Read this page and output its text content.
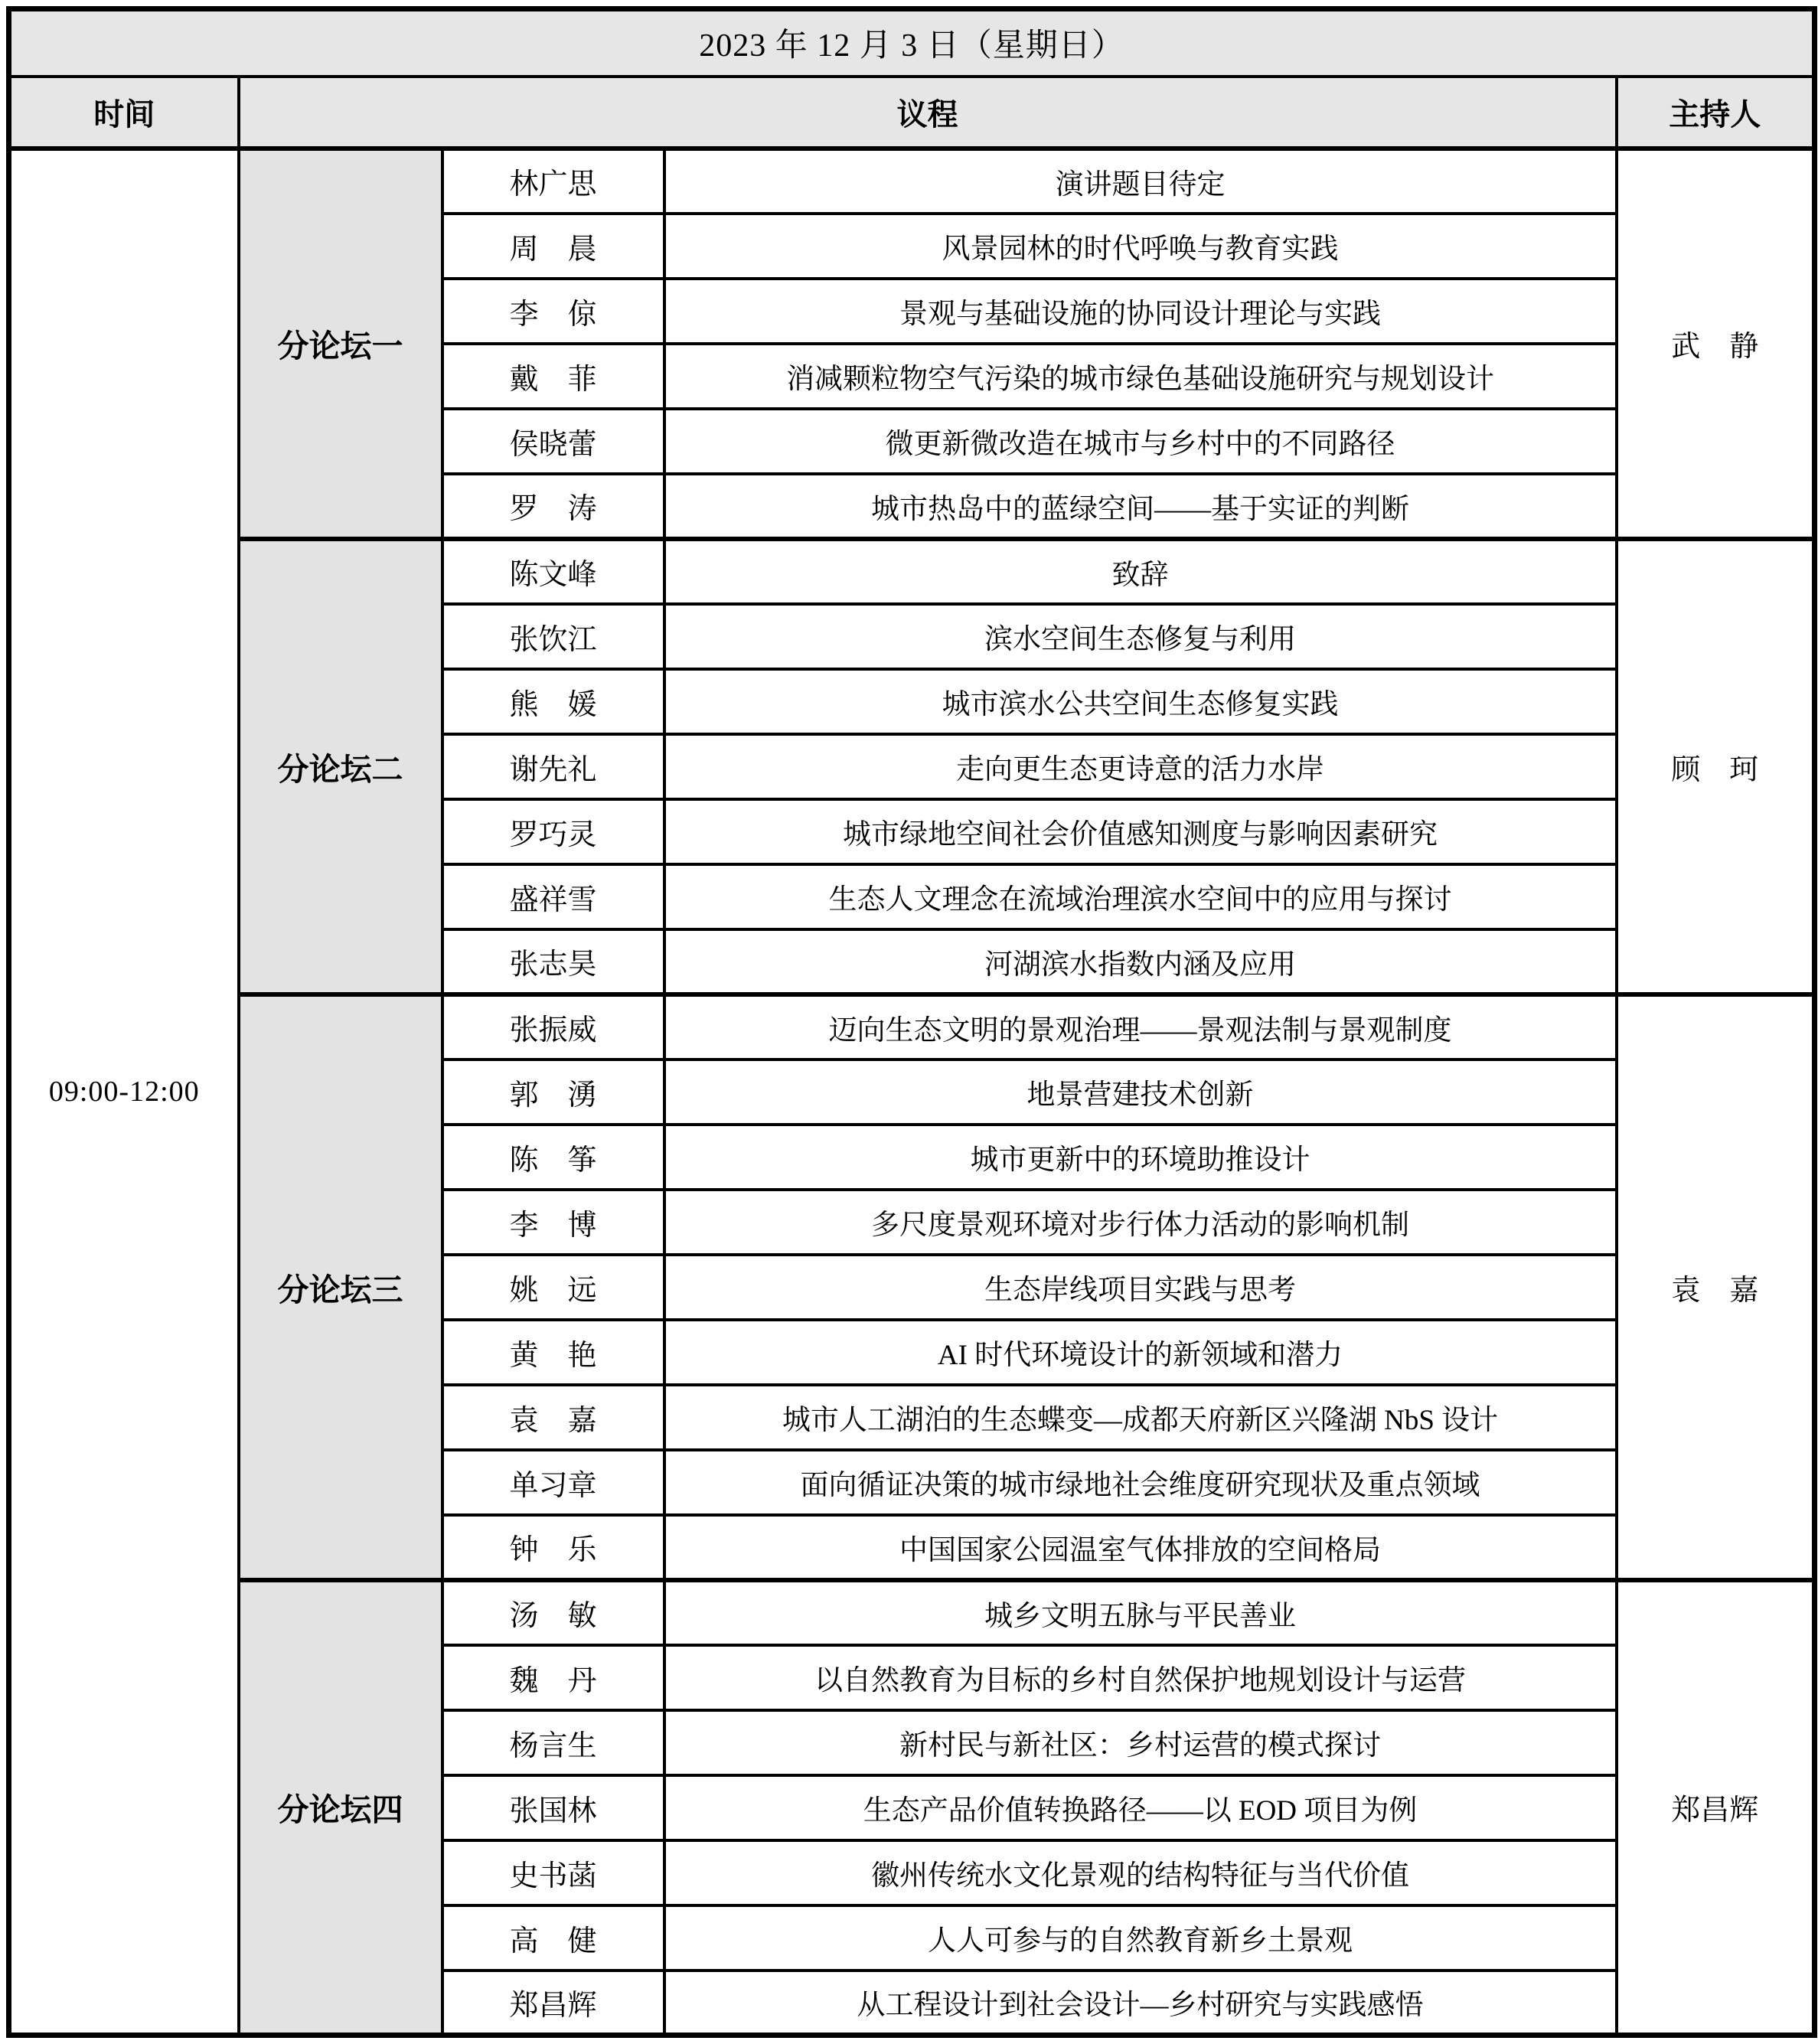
2023 年 12 月 3 日（星期日）				
时间	议程			主持人
09:00-12:00	分论坛一	林广思	演讲题目待定	武　静
		周　晨	风景园林的时代呼唤与教育实践	
		李　倞	景观与基础设施的协同设计理论与实践	
		戴　菲	消减颗粒物空气污染的城市绿色基础设施研究与规划设计	
		侯晓蕾	微更新微改造在城市与乡村中的不同路径	
		罗　涛	城市热岛中的蓝绿空间——基于实证的判断	
	分论坛二	陈文峰	致辞	顾　珂
		张饮江	滨水空间生态修复与利用	
		熊　媛	城市滨水公共空间生态修复实践	
		谢先礼	走向更生态更诗意的活力水岸	
		罗巧灵	城市绿地空间社会价值感知测度与影响因素研究	
		盛祥雪	生态人文理念在流域治理滨水空间中的应用与探讨	
		张志昊	河湖滨水指数内涵及应用	
	分论坛三	张振威	迈向生态文明的景观治理——景观法制与景观制度	袁　嘉
		郭　湧	地景营建技术创新	
		陈　筝	城市更新中的环境助推设计	
		李　博	多尺度景观环境对步行体力活动的影响机制	
		姚　远	生态岸线项目实践与思考	
		黄　艳	AI 时代环境设计的新领域和潜力	
		袁　嘉	城市人工湖泊的生态蝶变—成都天府新区兴隆湖 NbS 设计	
		单习章	面向循证决策的城市绿地社会维度研究现状及重点领域	
		钟　乐	中国国家公园温室气体排放的空间格局	
	分论坛四	汤　敏	城乡文明五脉与平民善业	郑昌辉
		魏　丹	以自然教育为目标的乡村自然保护地规划设计与运营	
		杨言生	新村民与新社区：乡村运营的模式探讨	
		张国林	生态产品价值转换路径——以 EOD 项目为例	
		史书菡	徽州传统水文化景观的结构特征与当代价值	
		高　健	人人可参与的自然教育新乡土景观	
		郑昌辉	从工程设计到社会设计—乡村研究与实践感悟	
